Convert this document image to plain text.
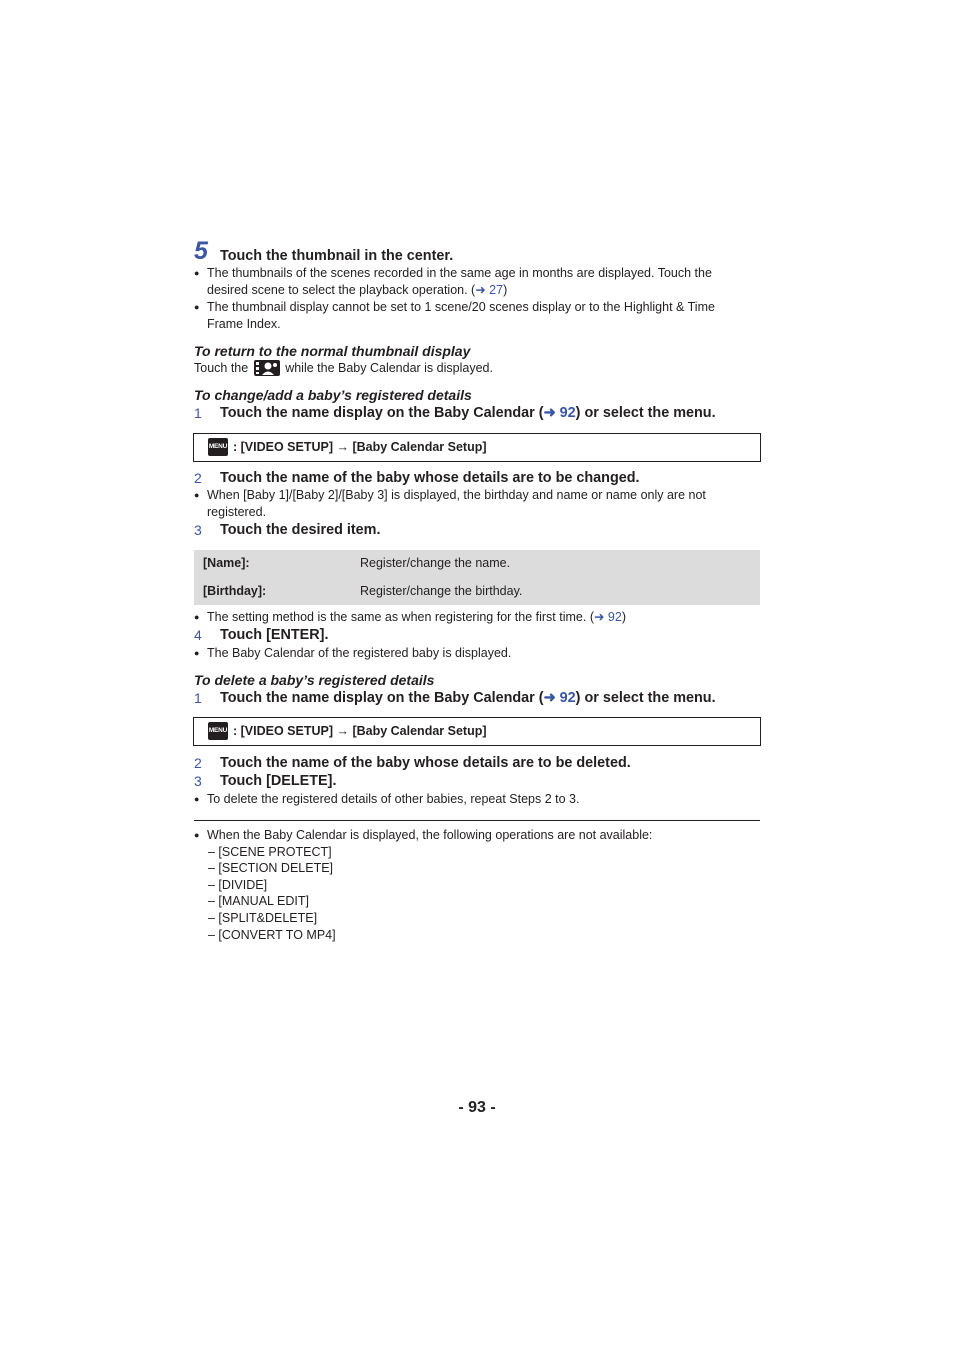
5 Touch the thumbnail in the center.
● The thumbnails of the scenes recorded in the same age in months are displayed. Touch the
desired scene to select the playback operation. (➜ 27)
● The thumbnail display cannot be set to 1 scene/20 scenes display or to the Highlight & Time
Frame Index.
To return to the normal thumbnail display
Touch the	while the Baby Calendar is displayed.
To change/add a baby’s registered details
1 Touch the name display on the Baby Calendar (➜ 92) or select the menu.
MENU : [VIDEO SETUP] → [Baby Calendar Setup]
2 Touch the name of the baby whose details are to be changed.
● When [Baby 1]/[Baby 2]/[Baby 3] is displayed, the birthday and name or name only are not
registered.
3 Touch the desired item.
[Name]:	Register/change the name.
[Birthday]:	Register/change the birthday.
● The setting method is the same as when registering for the first time. (➜ 92)
4 Touch [ENTER].
● The Baby Calendar of the registered baby is displayed.
To delete a baby’s registered details
1 Touch the name display on the Baby Calendar (➜ 92) or select the menu.
MENU : [VIDEO SETUP] → [Baby Calendar Setup]
2 Touch the name of the baby whose details are to be deleted.
3 Touch [DELETE].
● To delete the registered details of other babies, repeat Steps 2 to 3.
● When the Baby Calendar is displayed, the following operations are not available:
– [SCENE PROTECT]
– [SECTION DELETE]
– [DIVIDE]
– [MANUAL EDIT]
– [SPLIT&DELETE]
– [CONVERT TO MP4]
- 93 -
